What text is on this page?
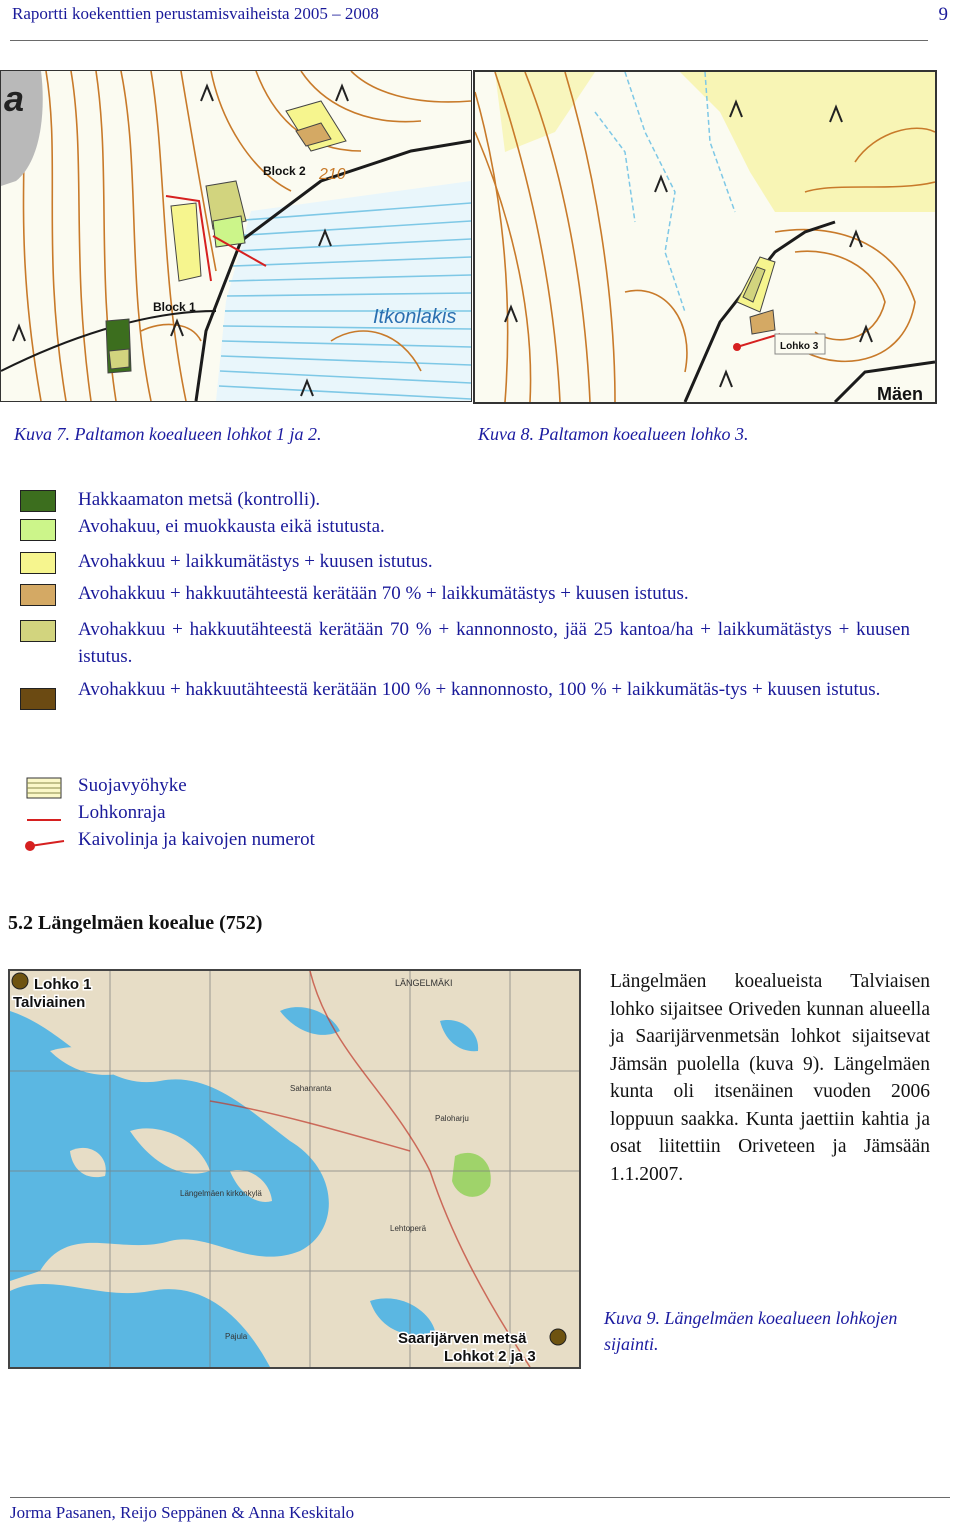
Raportti koekenttien perustamisvaiheista 2005 – 2008	9
Block 2
Block 1	Itkonlakis
a
210
Lohko 3
Mäen
Kuva 7. Paltamon koealueen lohkot 1 ja 2.	Kuva 8. Paltamon koealueen lohko 3.
Hakkaamaton metsä (kontrolli).
Avohakuu, ei muokkausta eikä istutusta.
Avohakkuu + laikkumätästys + kuusen istutus.
Avohakkuu + hakkuutähteestä kerätään 70 % + laikkumätästys + kuusen istutus.
Avohakkuu + hakkuutähteestä kerätään 70 % + kannonnosto, jää 25 kantoa/ha + laikkumätästys + kuusen istutus.
Avohakkuu + hakkuutähteestä kerätään 100 % + kannonnosto, 100 % + laikkumätäs-tys + kuusen istutus.
Suojavyöhyke
Lohkonraja
Kaivolinja ja kaivojen numerot
5.2 Längelmäen koealue (752)
LÄNGELMÄKI
Längelmäen kirkonkylä
Paloharju
Lehtoperä
Sahanranta
Pajula
Lohko 1
Talviainen
Saarijärven metsä
Lohkot 2 ja 3
Längelmäen koealueista Talviaisen lohko sijaitsee Oriveden kunnan alueella ja Saarijärvenmetsän lohkot sijaitsevat Jämsän puolella (kuva 9). Längelmäen kunta oli itsenäinen vuoden 2006 loppuun saakka. Kunta jaettiin kahtia ja osat liitettiin Oriveteen ja Jämsään 1.1.2007.
Kuva 9. Längelmäen koealueen lohkojen sijainti.
Jorma Pasanen, Reijo Seppänen & Anna Keskitalo
